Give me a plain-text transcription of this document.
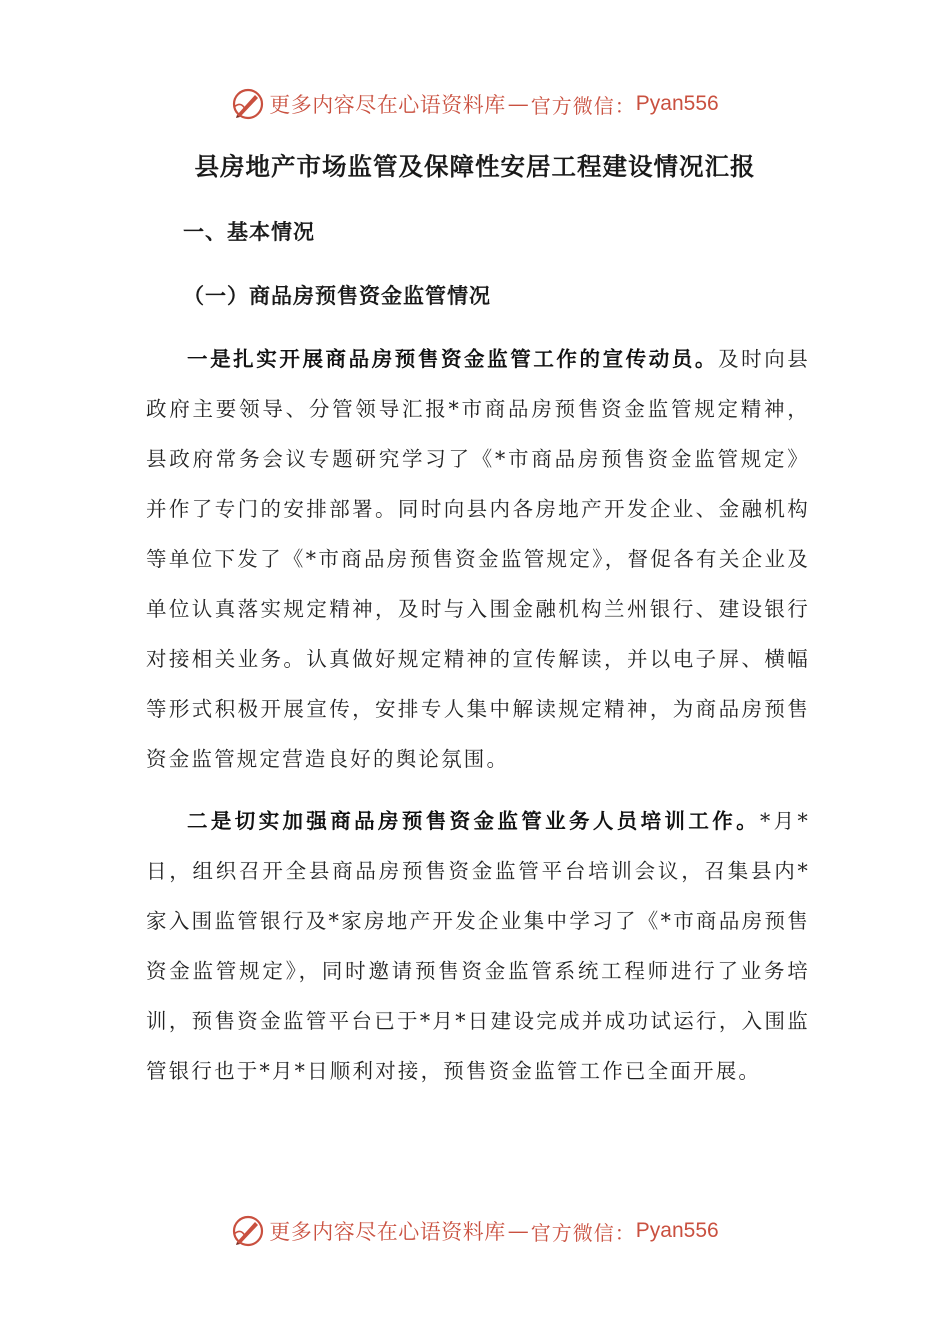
更多内容尽在心语资料库 — 官方微信： Pyan556
县房地产市场监管及保障性安居工程建设情况汇报
一、基本情况
（一）商品房预售资金监管情况
一是扎实开展商品房预售资金监管工作的宣传动员。及时向县政府主要领导、分管领导汇报*市商品房预售资金监管规定精神，县政府常务会议专题研究学习了《*市商品房预售资金监管规定》并作了专门的安排部署。同时向县内各房地产开发企业、金融机构等单位下发了《*市商品房预售资金监管规定》，督促各有关企业及单位认真落实规定精神，及时与入围金融机构兰州银行、建设银行对接相关业务。认真做好规定精神的宣传解读，并以电子屏、横幅等形式积极开展宣传，安排专人集中解读规定精神，为商品房预售资金监管规定营造良好的舆论氛围。
二是切实加强商品房预售资金监管业务人员培训工作。*月*日，组织召开全县商品房预售资金监管平台培训会议，召集县内*家入围监管银行及*家房地产开发企业集中学习了《*市商品房预售资金监管规定》，同时邀请预售资金监管系统工程师进行了业务培训，预售资金监管平台已于*月*日建设完成并成功试运行，入围监管银行也于*月*日顺利对接，预售资金监管工作已全面开展。
更多内容尽在心语资料库 — 官方微信： Pyan556
